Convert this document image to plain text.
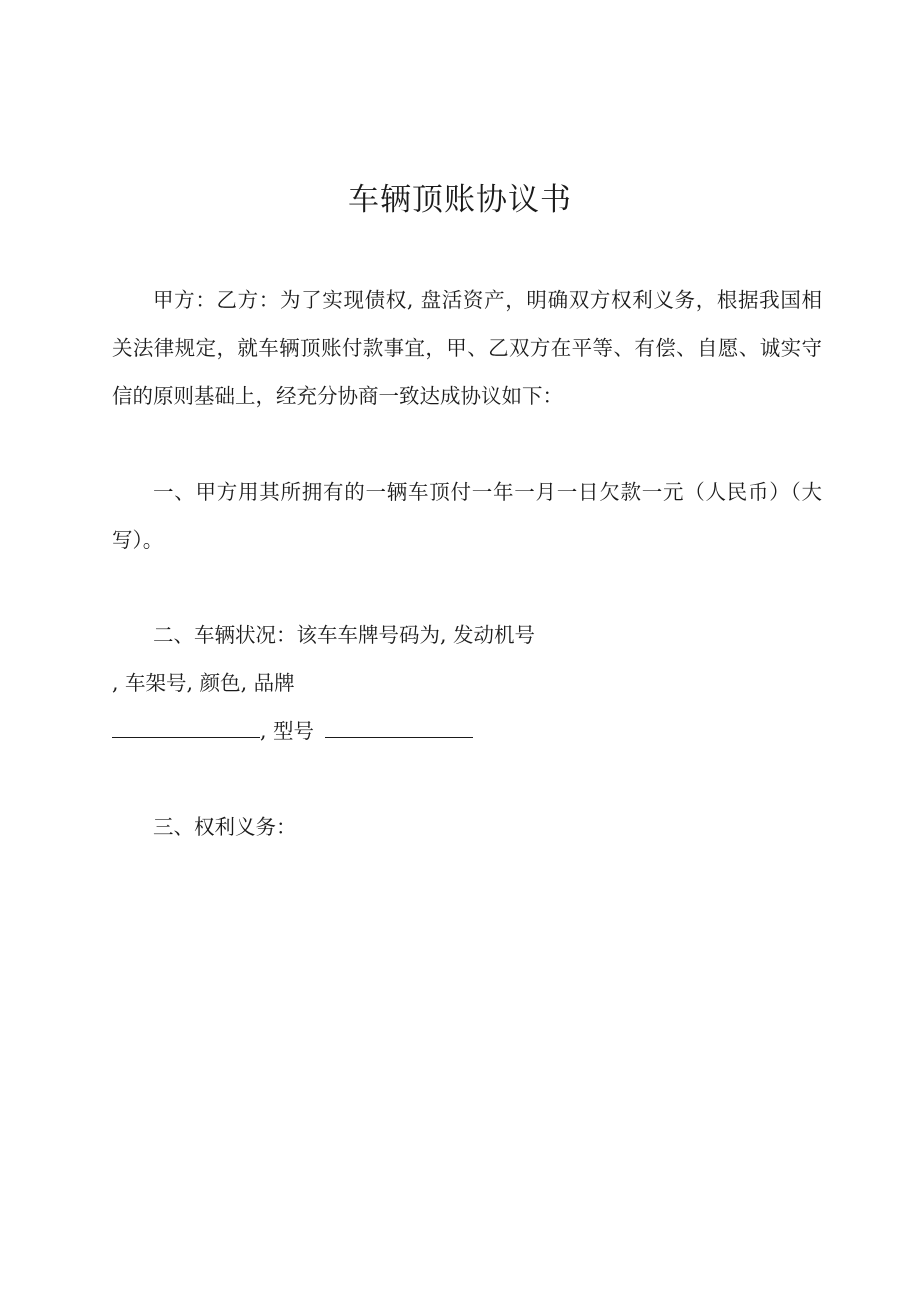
车辆顶账协议书
甲方：乙方：为了实现债权, 盘活资产，明确双方权利义务，根据我国相关法律规定，就车辆顶账付款事宜，甲、乙双方在平等、有偿、自愿、诚实守信的原则基础上，经充分协商一致达成协议如下：
一、甲方用其所拥有的一辆车顶付一年一月一日欠款一元（人民币）（大写）。
二、车辆状况：该车车牌号码为, 发动机号
, 车架号, 颜色, 品牌
, 型号
三、权利义务：
